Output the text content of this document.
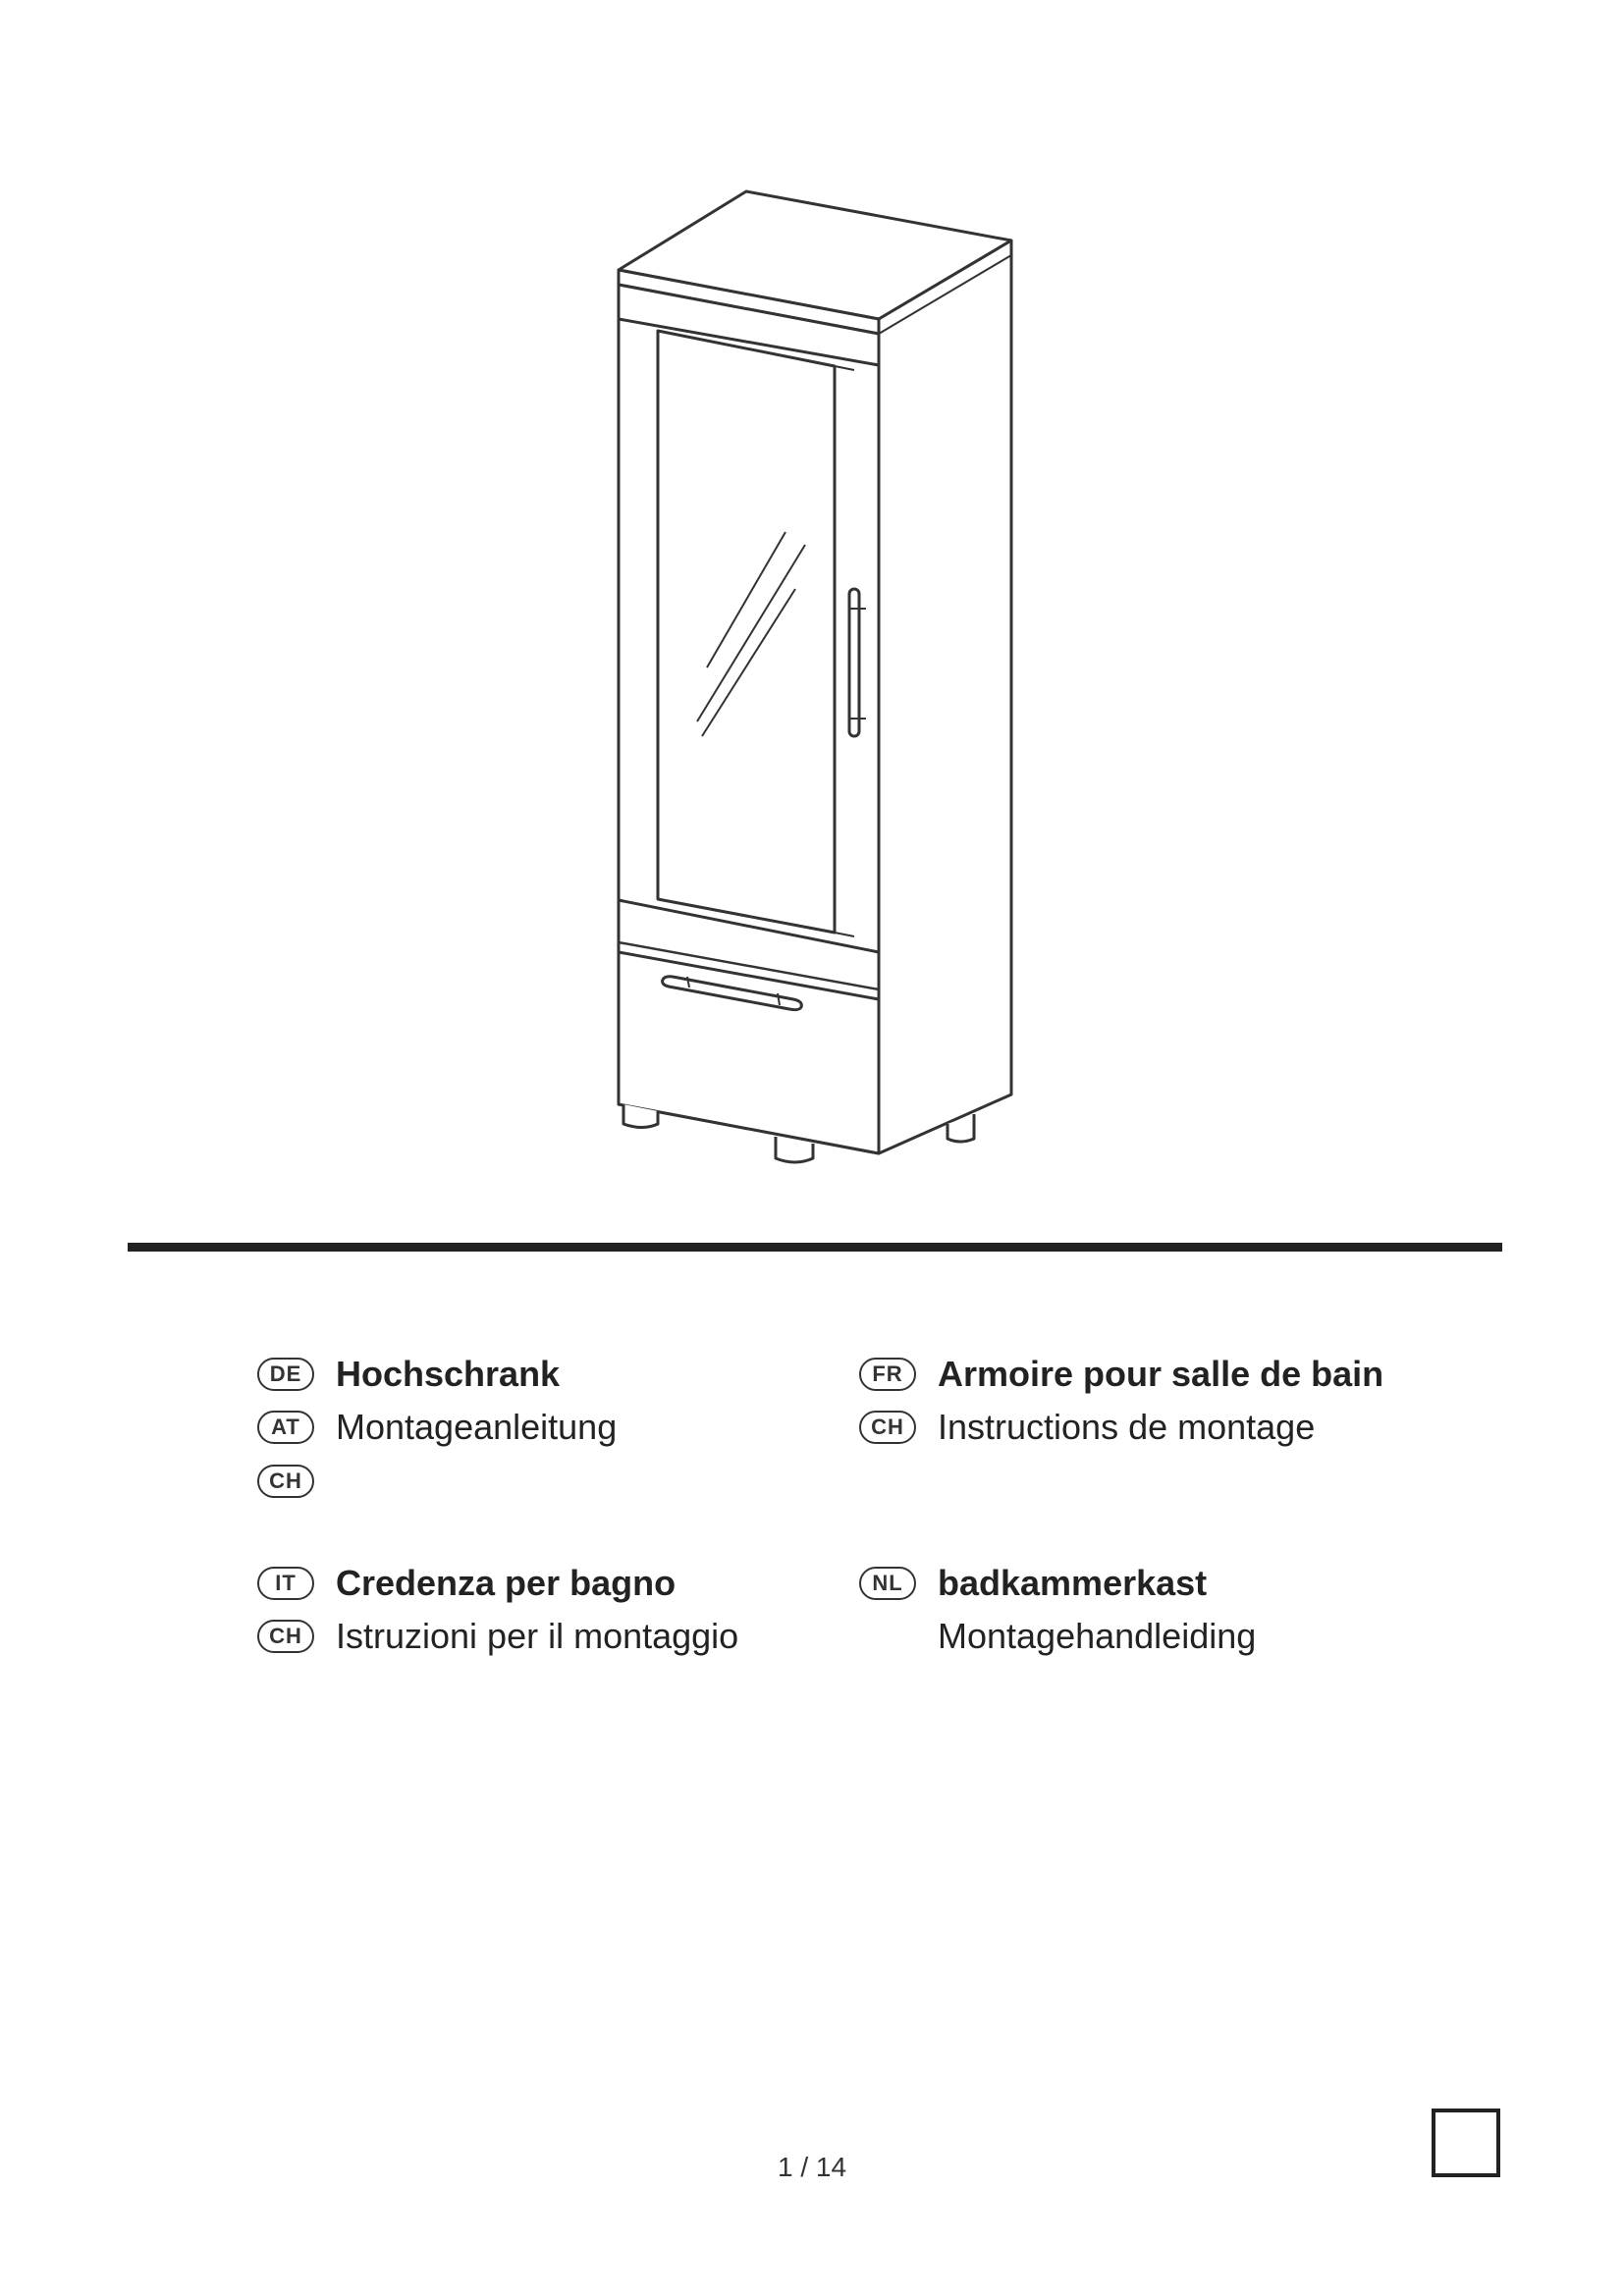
DE Hochschrank
AT	Montageanleitung
CH
FR Armoire pour salle de bain
CH Instructions de montage
IT	Credenza per bagno
CH Istruzioni per il montaggio
NL badkammerkast
Montagehandleiding
1 / 14
